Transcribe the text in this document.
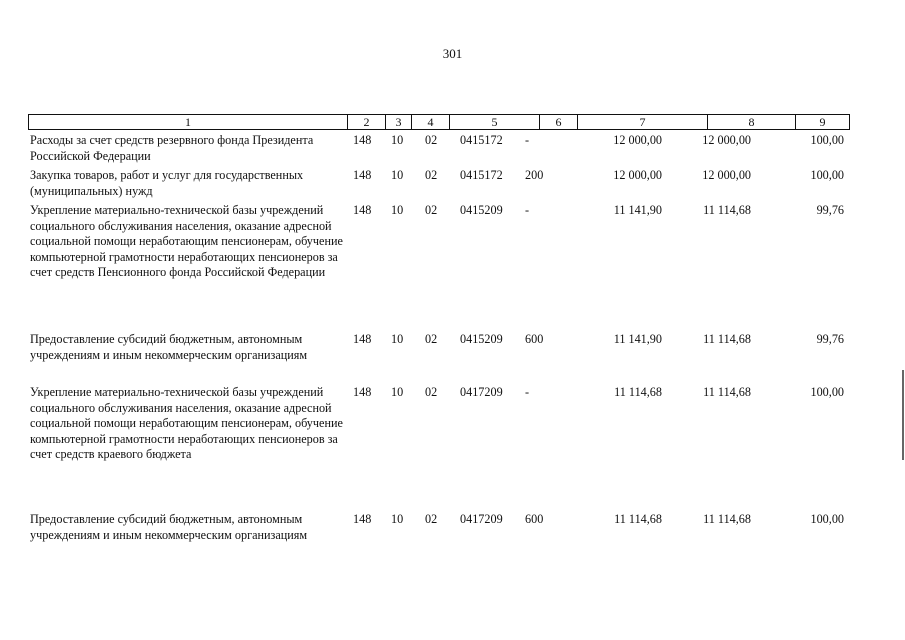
301
1	2	3	4	5	6	7	8	9
Расходы за счет средств резервного фонда Президента Российской Федерации
148 10 02 0415172 -	12 000,00	12 000,00	100,00
Закупка товаров, работ и услуг для государственных (муниципальных) нужд
148 10 02 0415172 200	12 000,00	12 000,00	100,00
Укрепление материально-технической базы учреждений социального обслуживания населения, оказание адресной социальной помощи неработающим пенсионерам, обучение компьютерной грамотности неработающих пенсионеров за счет средств Пенсионного фонда Российской Федерации
148 10 02 0415209 -	11 141,90	11 114,68	99,76
Предоставление субсидий бюджетным, автономным учреждениям и иным некоммерческим организациям
148 10 02 0415209 600	11 141,90	11 114,68	99,76
Укрепление материально-технической базы учреждений социального обслуживания населения, оказание адресной социальной помощи неработающим пенсионерам, обучение компьютерной грамотности неработающих пенсионеров за счет средств краевого бюджета
148 10 02 0417209 -	11 114,68	11 114,68	100,00
Предоставление субсидий бюджетным, автономным учреждениям и иным некоммерческим организациям
148 10 02 0417209 600	11 114,68	11 114,68	100,00
